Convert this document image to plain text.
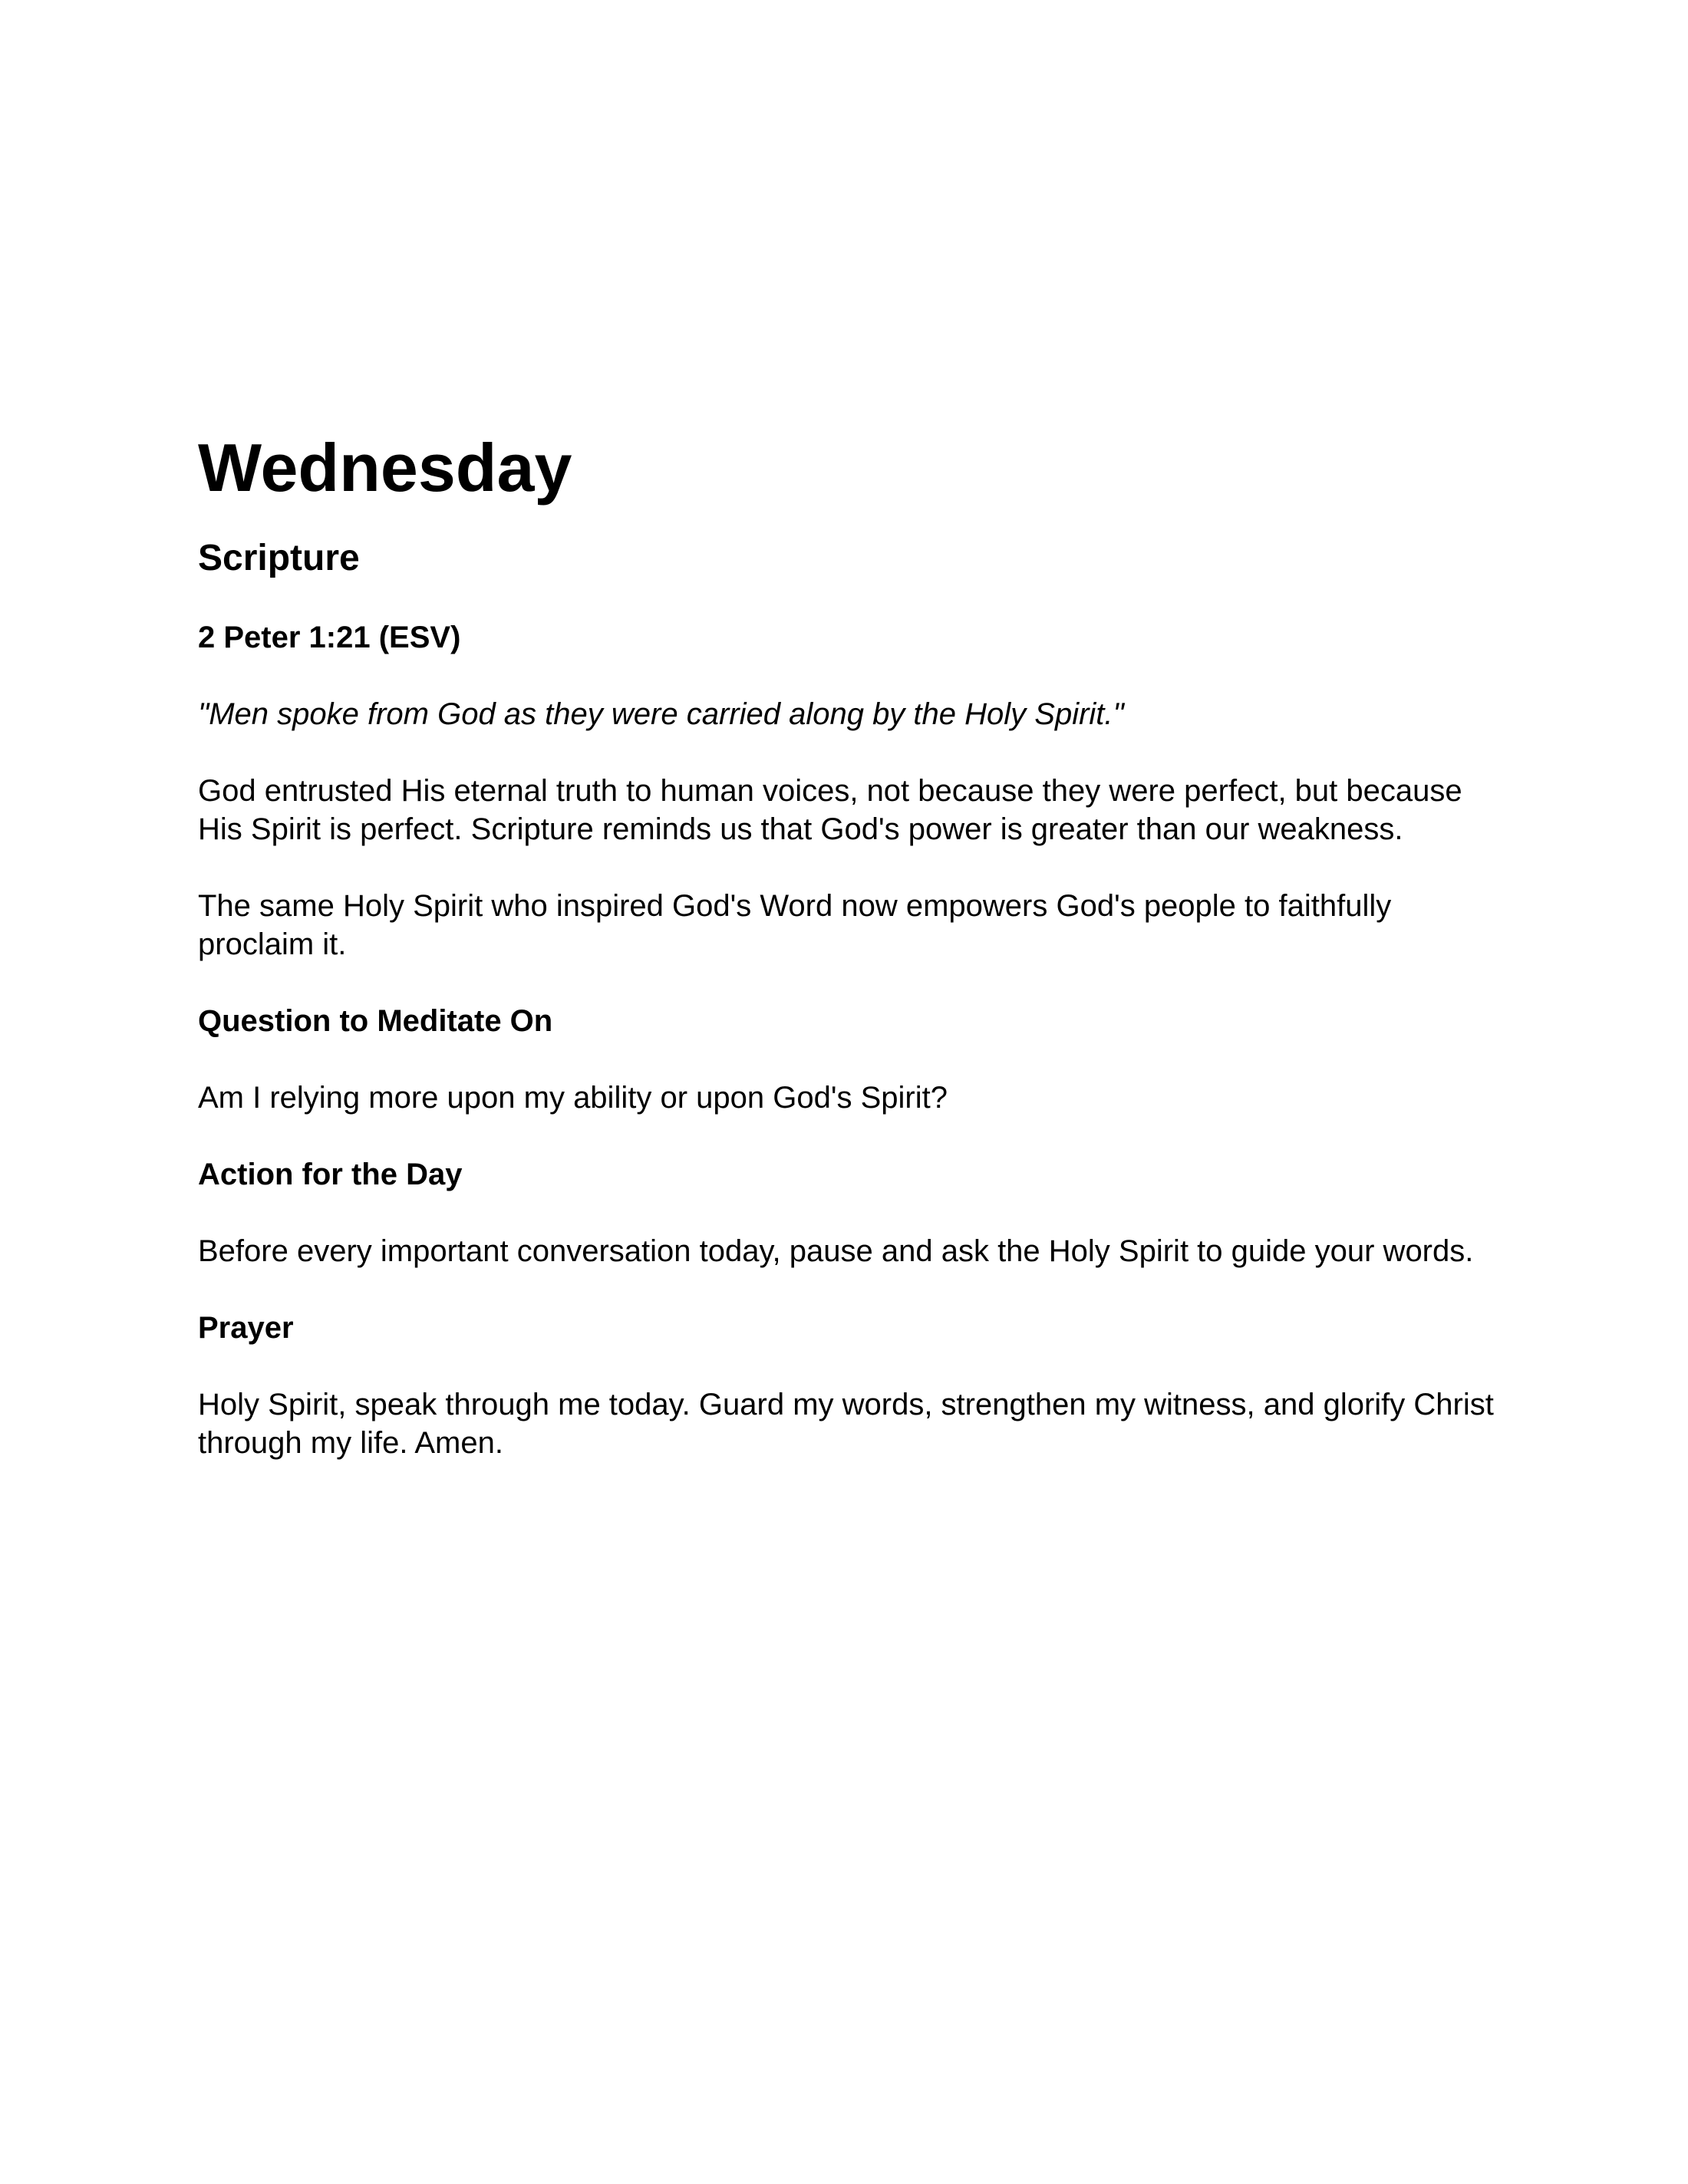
Wednesday
Scripture
2 Peter 1:21 (ESV)

"Men spoke from God as they were carried along by the Holy Spirit."

God entrusted His eternal truth to human voices, not because they were perfect, but because His Spirit is perfect. Scripture reminds us that God's power is greater than our weakness.

The same Holy Spirit who inspired God's Word now empowers God's people to faithfully proclaim it.

Question to Meditate On

Am I relying more upon my ability or upon God's Spirit?

Action for the Day

Before every important conversation today, pause and ask the Holy Spirit to guide your words.

Prayer

Holy Spirit, speak through me today. Guard my words, strengthen my witness, and glorify Christ through my life. Amen.
